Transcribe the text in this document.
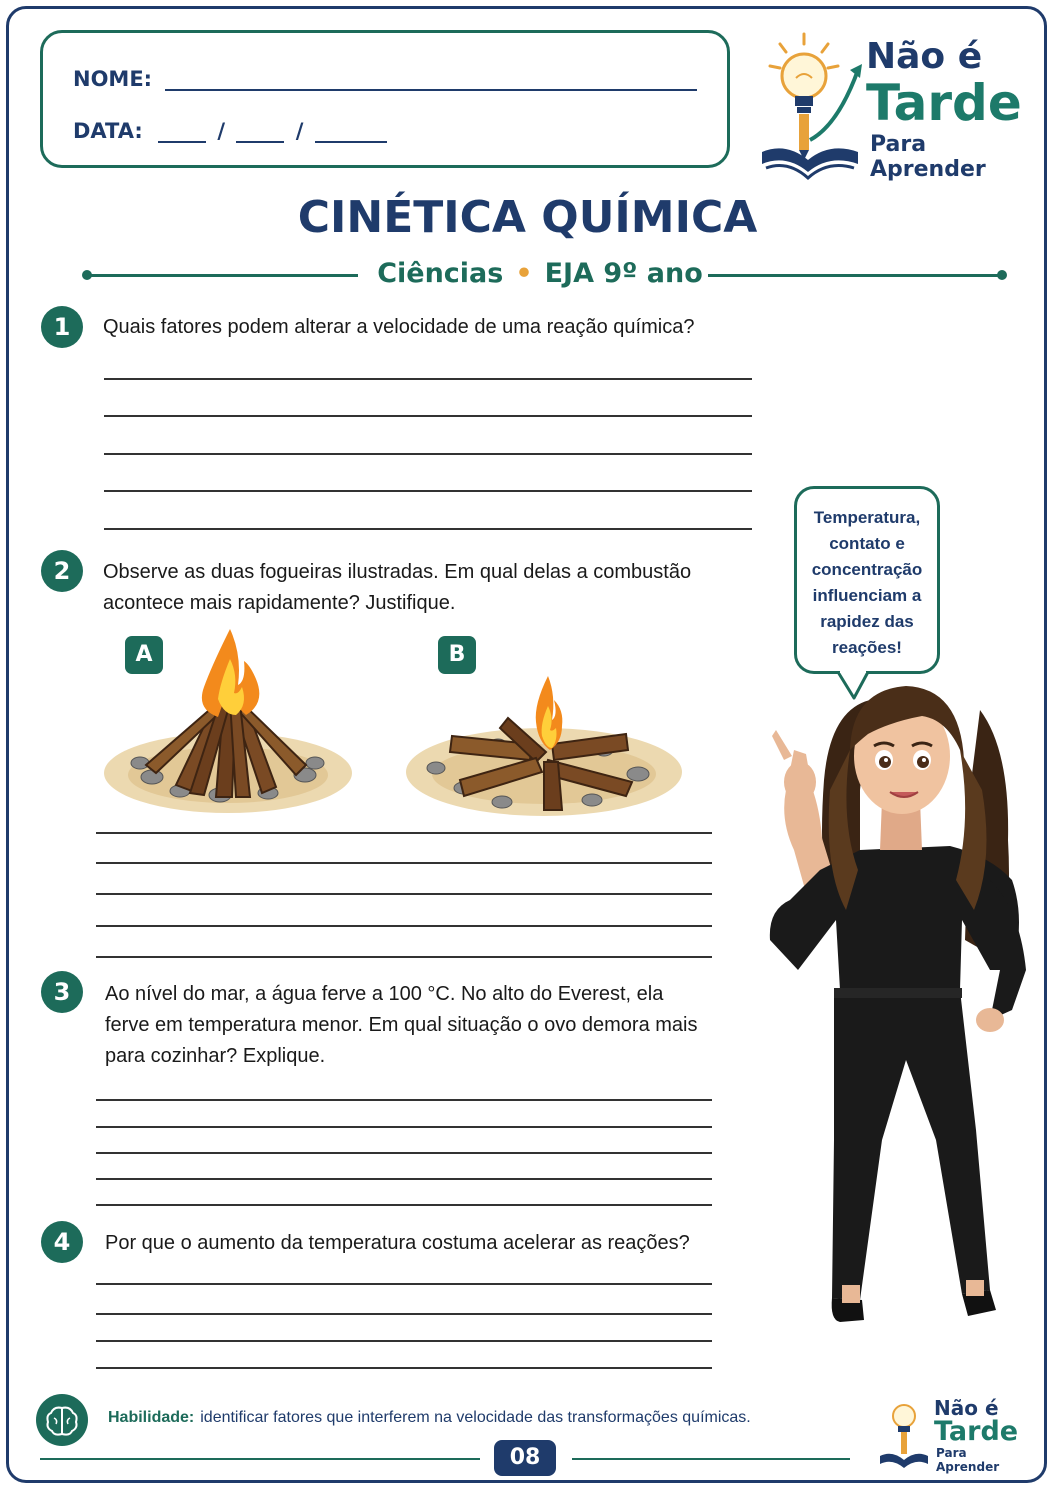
NOME:
DATA:	/	/
Não é
Tarde
Para Aprender
CINÉTICA QUÍMICA
Ciências • EJA 9º ano
1	Quais fatores podem alterar a velocidade de uma reação química?
2	Observe as duas fogueiras ilustradas. Em qual delas a combustão acontece mais rapidamente? Justifique.
A	B
3	Ao nível do mar, a água ferve a 100 °C. No alto do Everest, ela ferve em temperatura menor. Em qual situação o ovo demora mais para cozinhar? Explique.
4	Por que o aumento da temperatura costuma acelerar as reações?
Temperatura, contato e concentração influenciam a rapidez das reações!
Habilidade: identificar fatores que interferem na velocidade das transformações químicas.
08
Não é
Tarde
Para Aprender
